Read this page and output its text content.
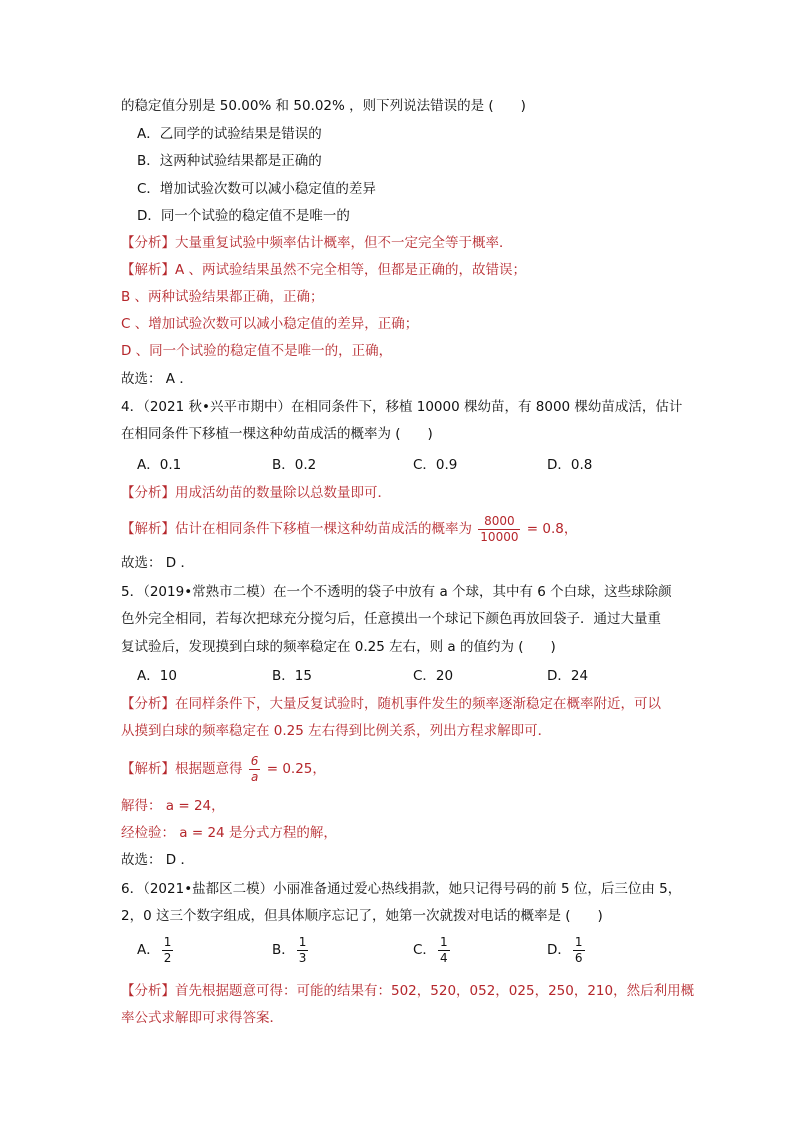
的稳定值分别是 50.00% 和 50.02% ，则下列说法错误的是 (　　)
A．乙同学的试验结果是错误的
B．这两种试验结果都是正确的
C．增加试验次数可以减小稳定值的差异
D．同一个试验的稳定值不是唯一的
【分析】大量重复试验中频率估计概率，但不一定完全等于概率．
【解析】A 、两试验结果虽然不完全相等，但都是正确的，故错误；
B 、两种试验结果都正确，正确；
C 、增加试验次数可以减小稳定值的差异，正确；
D 、同一个试验的稳定值不是唯一的，正确，
故选： A ．
4．（2021 秋•兴平市期中）在相同条件下，移植 10000 棵幼苗，有 8000 棵幼苗成活，估计
在相同条件下移植一棵这种幼苗成活的概率为 (　　)
A．0.1	B．0.2	C．0.9	D．0.8
【分析】用成活幼苗的数量除以总数量即可．
【解析】估计在相同条件下移植一棵这种幼苗成活的概率为 $\frac{8000}{10000} = 0.8$，
故选： D ．
5．（2019•常熟市二模）在一个不透明的袋子中放有 a 个球，其中有 6 个白球，这些球除颜
色外完全相同，若每次把球充分搅匀后，任意摸出一个球记下颜色再放回袋子．通过大量重
复试验后，发现摸到白球的频率稳定在 0.25 左右，则 a 的值约为 (　　)
A．10	B．15	C．20	D．24
【分析】在同样条件下，大量反复试验时，随机事件发生的频率逐渐稳定在概率附近，可以
从摸到白球的频率稳定在 0.25 左右得到比例关系，列出方程求解即可．
【解析】根据题意得 $\frac{6}{a} = 0.25$，
解得： a = 24，
经检验： a = 24 是分式方程的解，
故选： D ．
6．（2021•盐都区二模）小丽准备通过爱心热线捐款，她只记得号码的前 5 位，后三位由 5，
2，0 这三个数字组成，但具体顺序忘记了，她第一次就拨对电话的概率是 (　　)
A． $\frac{1}{2}$	B． $\frac{1}{3}$	C． $\frac{1}{4}$	D． $\frac{1}{6}$
【分析】首先根据题意可得：可能的结果有：502，520，052，025，250，210，然后利用概
率公式求解即可求得答案．
